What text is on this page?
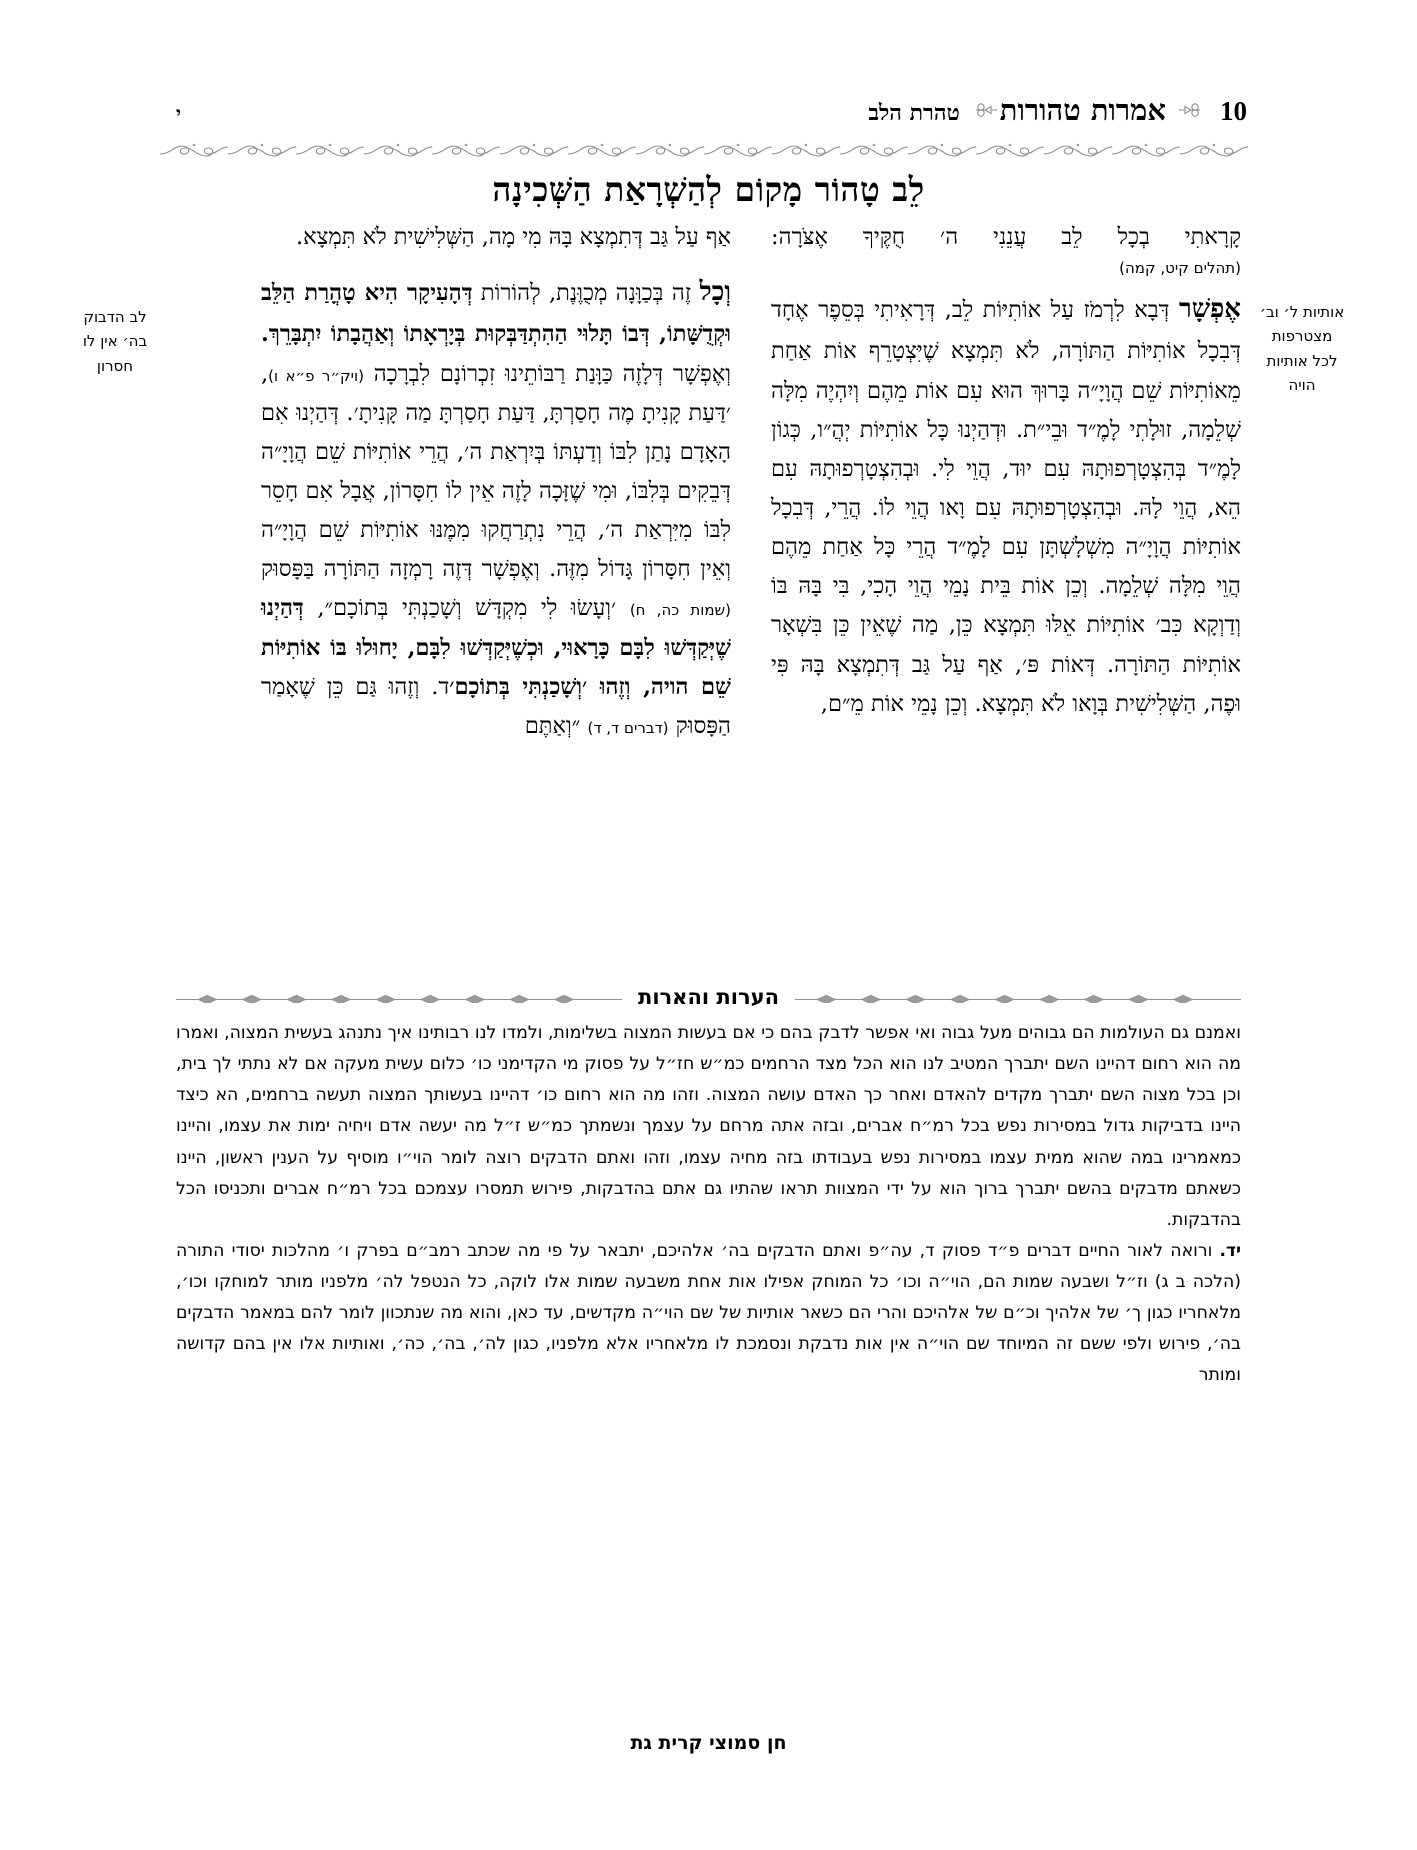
10
אמרות טהורות
טהרת הלב
י
לֵב טָהוֹר מָקוֹם לְהַשְׁרָאַת הַשְּׁכִינָה
אותיות ל׳ וב׳ מצטרפות לכל אותיות הויה
לב הדבוק בה׳ אין לו חסרון
קָרָאתִי בְכָל לֵב עֲנֵנִי ה׳ חֻקֶּיךָ אֶצֹּרָה:
(תהלים קיט, קמה)
אֶפְשָׁר דְּבָא לִרְמֹז עַל אוֹתִיּוֹת לֵב, דְּרָאִיתִי בְּסֵפֶר אֶחָד דְּבִכָל אוֹתִיּוֹת הַתּוֹרָה, לֹא תִּמְצָא שֶׁיִּצְטָרֵף אוֹת אַחַת מֵאוֹתִיּוֹת שֵׁם הֲוָיָ״ה בָּרוּךְ הוּא עִם אוֹת מֵהֶם וְיִהְיֶה מִלָּה שְׁלֵמָה, זוּלָתִי לָמֶ״ד וּבֵי״ת. וּדְהַיְנוּ כָּל אוֹתִיּוֹת יְהֲ״ו, כְּגוֹן לָמֶ״ד בְּהִצְטָרְפוּתָהּ עִם יוּד, הֲוֵי לִי. וּבְהִצְטָרְפוּתָהּ עִם הֵא, הֲוֵי לָהּ. וּבְהִצְטָרְפוּתָהּ עִם וָאו הֲוֵי לוֹ. הֲרֵי, דְּבִכָל אוֹתִיּוֹת הֲוָיָ״ה מִשְׁלָשְׁתָּן עִם לָמֶ״ד הֲרֵי כָּל אַחַת מֵהֶם הֲוֵי מִלָּה שְׁלֵמָה. וְכֵן אוֹת בֵּית נָמֵי הֲוֵי הָכִי, בִּי בָּהּ בּוֹ וְדַוְקָא כִּב׳ אוֹתִיּוֹת אֵלּוּ תִּמְצָא כֵּן, מַה שֶׁאֵין כֵּן בִּשְׁאָר אוֹתִיּוֹת הַתּוֹרָה. דְּאוֹת פּ׳, אַף עַל גַּב דְּתִמְצָא בָּהּ פִּי וּפֶה, הַשְּׁלִישִׁית בְּוָאו לֹא תִּמְצָא. וְכֵן נָמֵי אוֹת מֵ״ם,
אַף עַל גַּב דְּתִמְצָא בָּהּ מִי מָה, הַשְּׁלִישִׁית לֹא תִּמְצָא.
וְכָל זֶה בְּכַוָּנָה מְכֻוֶּנֶת, לְהוֹרוֹת דְּהָעִיקָר הִיא טָהֳרַת הַלֵּב וּקְדֻשָּׁתוֹ, דְּבוֹ תָּלוּי הַהִתְדַּבְּקוּת בְּיָרְאָתוֹ וְאַהֲבָתוֹ יִתְבָּרֵךְ. וְאֶפְשָׁר דְּלָזֶה כַּוָּנַת רַבּוֹתֵינוּ זִכְרוֹנָם לִבְרָכָה (ויק״ר פ״א ו), ׳דַּעַת קָנִיתָ מֶה חָסַרְתָּ, דַּעַת חָסַרְתָּ מַה קָּנִיתָ׳. דְּהַיְנוּ אִם הָאָדָם נָתַן לִבּוֹ וְדַעְתּוֹ בְּיִרְאַת ה׳, הֲרֵי אוֹתִיּוֹת שֵׁם הֲוָיָ״ה דְּבֵקִים בְּלִבּוֹ, וּמִי שֶׁזָּכָה לָזֶה אֵין לוֹ חִסָּרוֹן, אֲבָל אִם חָסֵר לִבּוֹ מִיִּרְאַת ה׳, הֲרֵי נִתְרַחֲקוּ מִמֶּנּוּ אוֹתִיּוֹת שֵׁם הֲוָיָ״ה וְאֵין חִסָּרוֹן גָּדוֹל מִזֶּה. וְאֶפְשָׁר דְּזֶה רָמְזָה הַתּוֹרָה בַּפָּסוּק (שמות כה, ח) ׳וְעָשׂוּ לִי מִקְדָּשׁ וְשָׁכַנְתִּי בְּתוֹכָם״, דְּהַיְנוּ שֶׁיְּקַדְּשׁוּ לִבָּם כָּרָאוּי, וּכְשֶׁיְּקַדְּשׁוּ לִבָּם, יָחוּלוּ בּוֹ אוֹתִיּוֹת שֵׁם הויה, וְזֶהוּ ׳וְשָׁכַנְתִּי בְּתוֹכָם׳ד. וְזֶהוּ גַּם כֵּן שֶׁאָמַר הַפָּסוּק (דברים ד, ד) ״וְאַתֶּם
הערות והארות

ואמנם גם העולמות הם גבוהים מעל גבוה ואי אפשר לדבק בהם כי אם בעשות המצוה בשלימות, ולמדו לנו רבותינו איך נתנהג בעשית המצוה, ואמרו מה הוא רחום דהיינו השם יתברך המטיב לנו הוא הכל מצד הרחמים כמ״ש חז״ל על פסוק מי הקדימני כו׳ כלום עשית מעקה אם לא נתתי לך בית, וכן בכל מצוה השם יתברך מקדים להאדם ואחר כך האדם עושה המצוה. וזהו מה הוא רחום כו׳ דהיינו בעשותך המצוה תעשה ברחמים, הא כיצד היינו בדביקות גדול במסירות נפש בכל רמ״ח אברים, ובזה אתה מרחם על עצמך ונשמתך כמ״ש ז״ל מה יעשה אדם ויחיה ימות את עצמו, והיינו כמאמרינו במה שהוא ממית עצמו במסירות נפש בעבודתו בזה מחיה עצמו, וזהו ואתם הדבקים רוצה לומר הוי״ו מוסיף על הענין ראשון, היינו כשאתם מדבקים בהשם יתברך ברוך הוא על ידי המצוות תראו שהתיו גם אתם בהדבקות, פירוש תמסרו עצמכם בכל רמ״ח אברים ותכניסו הכל בהדבקות.

יד. ורואה לאור החיים דברים פ״ד פסוק ד, עה״פ ואתם הדבקים בה׳ אלהיכם, יתבאר על פי מה שכתב רמב״ם בפרק ו׳ מהלכות יסודי התורה (הלכה ב ג) וז״ל ושבעה שמות הם, הוי״ה וכו׳ כל המוחק אפילו אות אחת משבעה שמות אלו לוקה, כל הנטפל לה׳ מלפניו מותר למוחקו וכו׳, מלאחריו כגון ך׳ של אלהיך וכ״ם של אלהיכם והרי הם כשאר אותיות של שם הוי״ה מקדשים, עד כאן, והוא מה שנתכוון לומר להם במאמר הדבקים בה׳, פירוש ולפי ששם זה המיוחד שם הוי״ה אין אות נדבקת ונסמכת לו מלאחריו אלא מלפניו, כגון לה׳, בה׳, כה׳, ואותיות אלו אין בהם קדושה ומותר

חן סמוצי קרית גת
